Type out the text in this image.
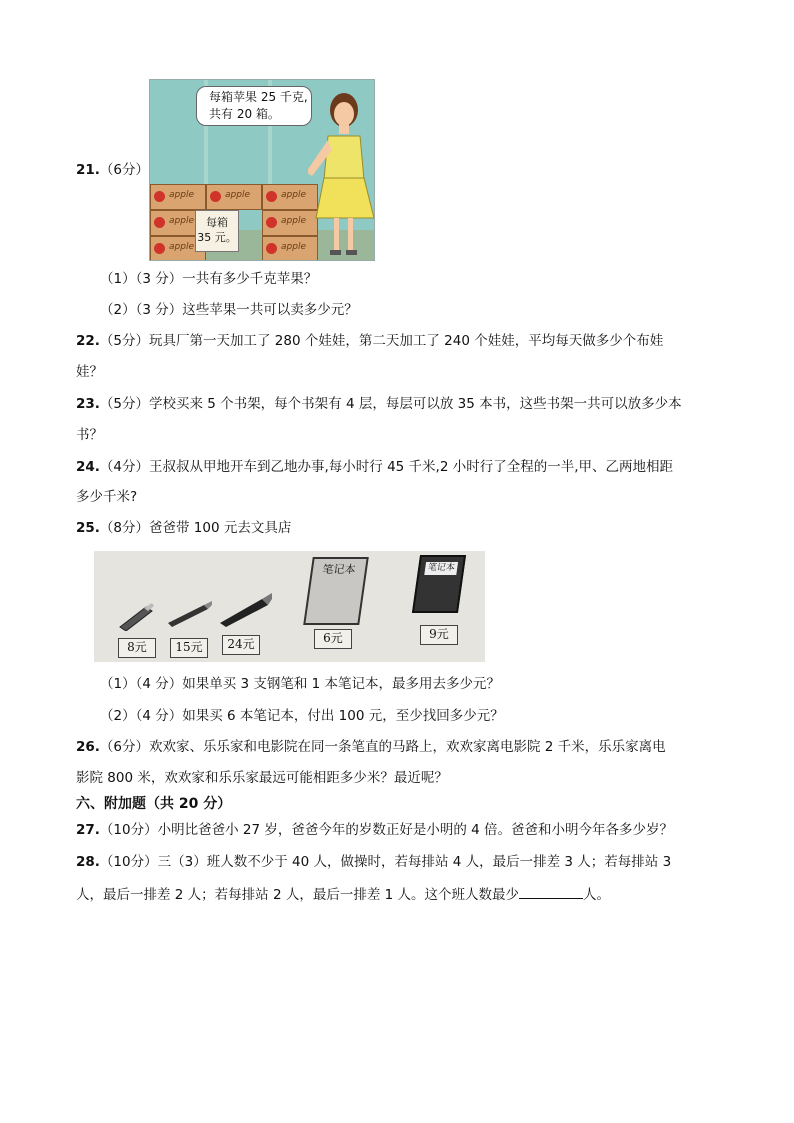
21.（6分）
每箱苹果 25 千克,
共有 20 箱。
apple	apple	apple
apple	apple
apple	apple
每箱
35 元。
（1）（3 分）一共有多少千克苹果？
（2）（3 分）这些苹果一共可以卖多少元？
22.（5分）玩具厂第一天加工了 280 个娃娃，第二天加工了 240 个娃娃，平均每天做多少个布娃
娃？
23.（5分）学校买来 5 个书架，每个书架有 4 层，每层可以放 35 本书，这些书架一共可以放多少本
书？
24.（4分）王叔叔从甲地开车到乙地办事,每小时行 45 千米,2 小时行了全程的一半,甲、乙两地相距
多少千米?
25.（8分）爸爸带 100 元去文具店
笔记本	笔记本
8元	15元	24元	6元	9元
（1）（4 分）如果单买 3 支钢笔和 1 本笔记本，最多用去多少元？
（2）（4 分）如果买 6 本笔记本，付出 100 元，至少找回多少元？
26.（6分）欢欢家、乐乐家和电影院在同一条笔直的马路上，欢欢家离电影院 2 千米，乐乐家离电
影院 800 米，欢欢家和乐乐家最远可能相距多少米？最近呢？
六、附加题（共 20 分）
27.（10分）小明比爸爸小 27 岁，爸爸今年的岁数正好是小明的 4 倍。爸爸和小明今年各多少岁？
28.（10分）三（3）班人数不少于 40 人，做操时，若每排站 4 人，最后一排差 3 人；若每排站 3
人，最后一排差 2 人；若每排站 2 人，最后一排差 1 人。这个班人数最少	人。
